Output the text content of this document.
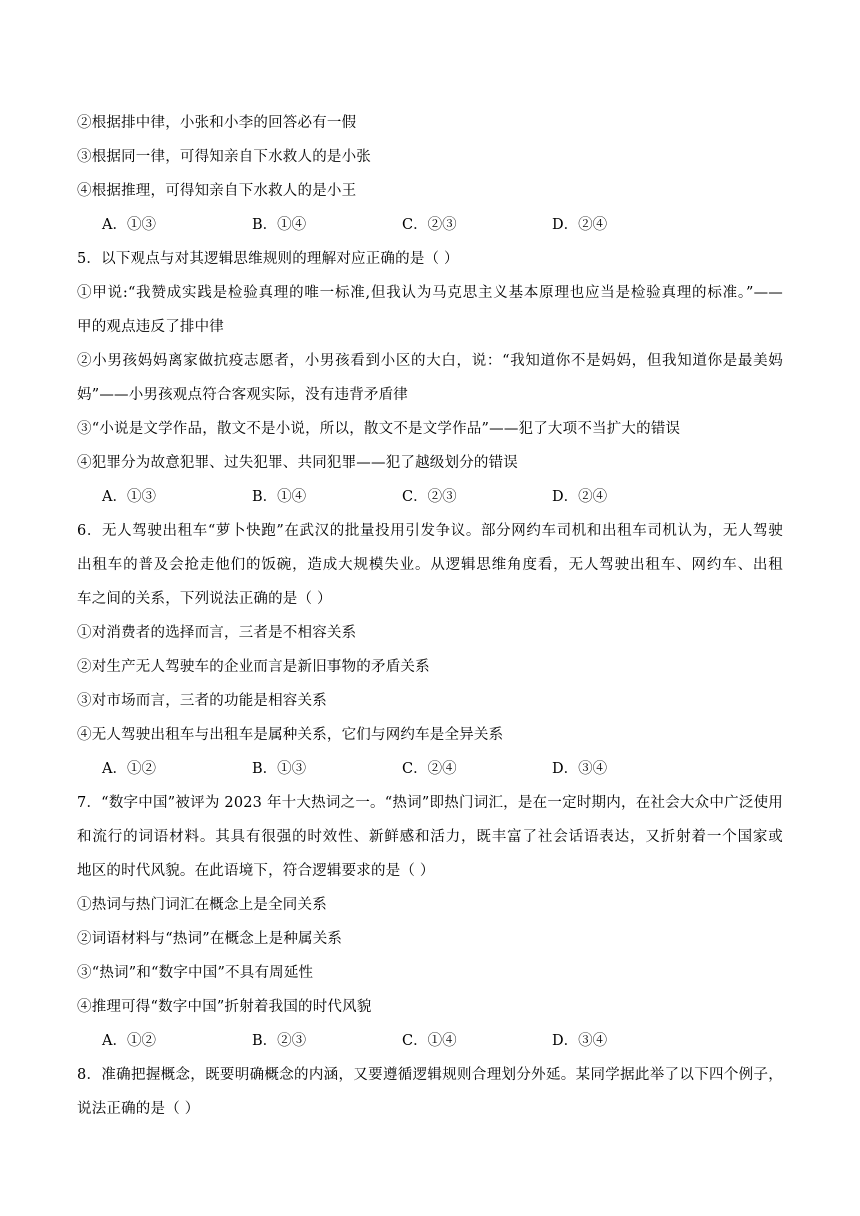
②根据排中律，小张和小李的回答必有一假
③根据同一律，可得知亲自下水救人的是小张
④根据推理，可得知亲自下水救人的是小王
A．①③	B．①④	C．②③	D．②④
5．以下观点与对其逻辑思维规则的理解对应正确的是（ ）
①甲说:“我赞成实践是检验真理的唯一标准,但我认为马克思主义基本原理也应当是检验真理的标准。”——
甲的观点违反了排中律
②小男孩妈妈离家做抗疫志愿者，小男孩看到小区的大白，说：“我知道你不是妈妈，但我知道你是最美妈
妈”——小男孩观点符合客观实际，没有违背矛盾律
③“小说是文学作品，散文不是小说，所以，散文不是文学作品”——犯了大项不当扩大的错误
④犯罪分为故意犯罪、过失犯罪、共同犯罪——犯了越级划分的错误
A．①③	B．①④	C．②③	D．②④
6．无人驾驶出租车“萝卜快跑”在武汉的批量投用引发争议。部分网约车司机和出租车司机认为，无人驾驶
出租车的普及会抢走他们的饭碗，造成大规模失业。从逻辑思维角度看，无人驾驶出租车、网约车、出租
车之间的关系，下列说法正确的是（ ）
①对消费者的选择而言，三者是不相容关系
②对生产无人驾驶车的企业而言是新旧事物的矛盾关系
③对市场而言，三者的功能是相容关系
④无人驾驶出租车与出租车是属种关系，它们与网约车是全异关系
A．①②	B．①③	C．②④	D．③④
7．“数字中国”被评为 2023 年十大热词之一。“热词”即热门词汇，是在一定时期内，在社会大众中广泛使用
和流行的词语材料。其具有很强的时效性、新鲜感和活力，既丰富了社会话语表达，又折射着一个国家或
地区的时代风貌。在此语境下，符合逻辑要求的是（ ）
①热词与热门词汇在概念上是全同关系
②词语材料与“热词”在概念上是种属关系
③“热词”和“数字中国”不具有周延性
④推理可得“数字中国”折射着我国的时代风貌
A．①②	B．②③	C．①④	D．③④
8．准确把握概念，既要明确概念的内涵，又要遵循逻辑规则合理划分外延。某同学据此举了以下四个例子，
说法正确的是（ ）
